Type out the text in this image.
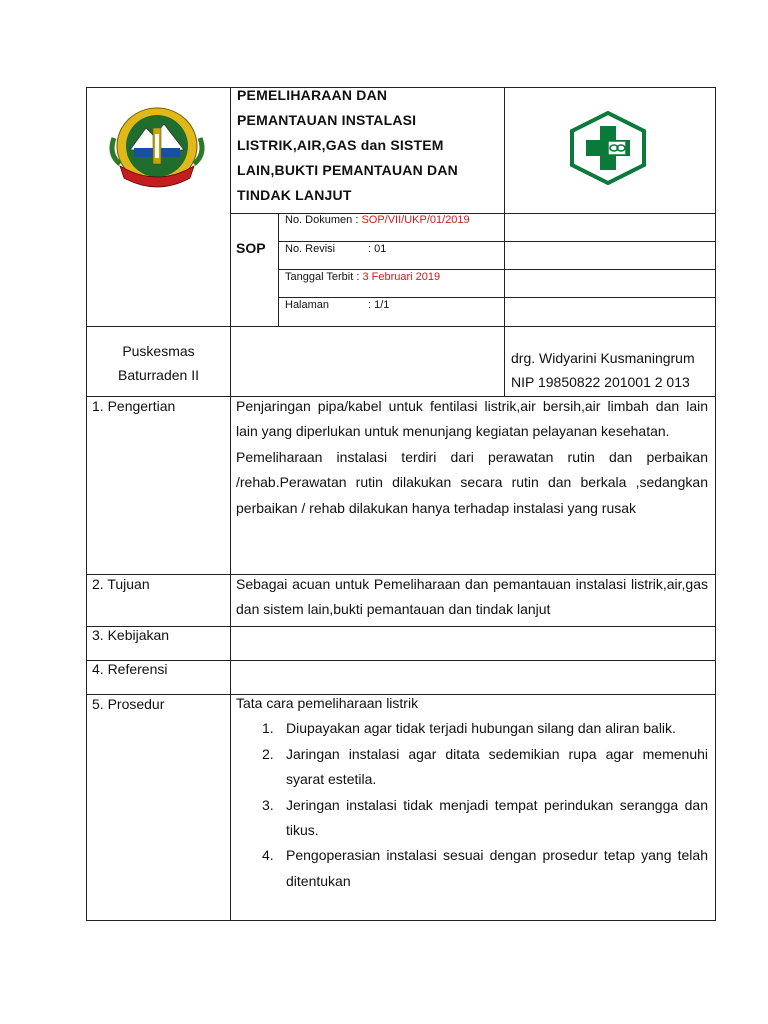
PEMELIHARAAN DAN
PEMANTAUAN INSTALASI
LISTRIK,AIR,GAS dan SISTEM
LAIN,BUKTI PEMANTAUAN DAN
TINDAK LANJUT
SOP
No. Dokumen : SOP/VII/UKP/01/2019
No. Revisi	: 01
Tanggal Terbit : 3 Februari 2019
Halaman	: 1/1
Puskesmas
Baturraden II
drg. Widyarini Kusmaningrum
NIP 19850822 201001 2 013
1. Pengertian	Penjaringan pipa/kabel untuk fentilasi listrik,air bersih,air limbah dan lain lain yang diperlukan untuk menunjang kegiatan pelayanan kesehatan.
Pemeliharaan instalasi terdiri dari perawatan rutin dan perbaikan /rehab.Perawatan rutin dilakukan secara rutin dan berkala ,sedangkan perbaikan / rehab dilakukan hanya terhadap instalasi yang rusak
2. Tujuan	Sebagai acuan untuk Pemeliharaan dan pemantauan instalasi listrik,air,gas dan sistem lain,bukti pemantauan dan tindak lanjut
3. Kebijakan
4. Referensi
5. Prosedur	Tata cara pemeliharaan listrik
1. Diupayakan agar tidak terjadi hubungan silang dan aliran balik.
2. Jaringan instalasi agar ditata sedemikian rupa agar memenuhi syarat estetila.
3. Jeringan instalasi tidak menjadi tempat perindukan serangga dan tikus.
4. Pengoperasian instalasi sesuai dengan prosedur tetap yang telah ditentukan
